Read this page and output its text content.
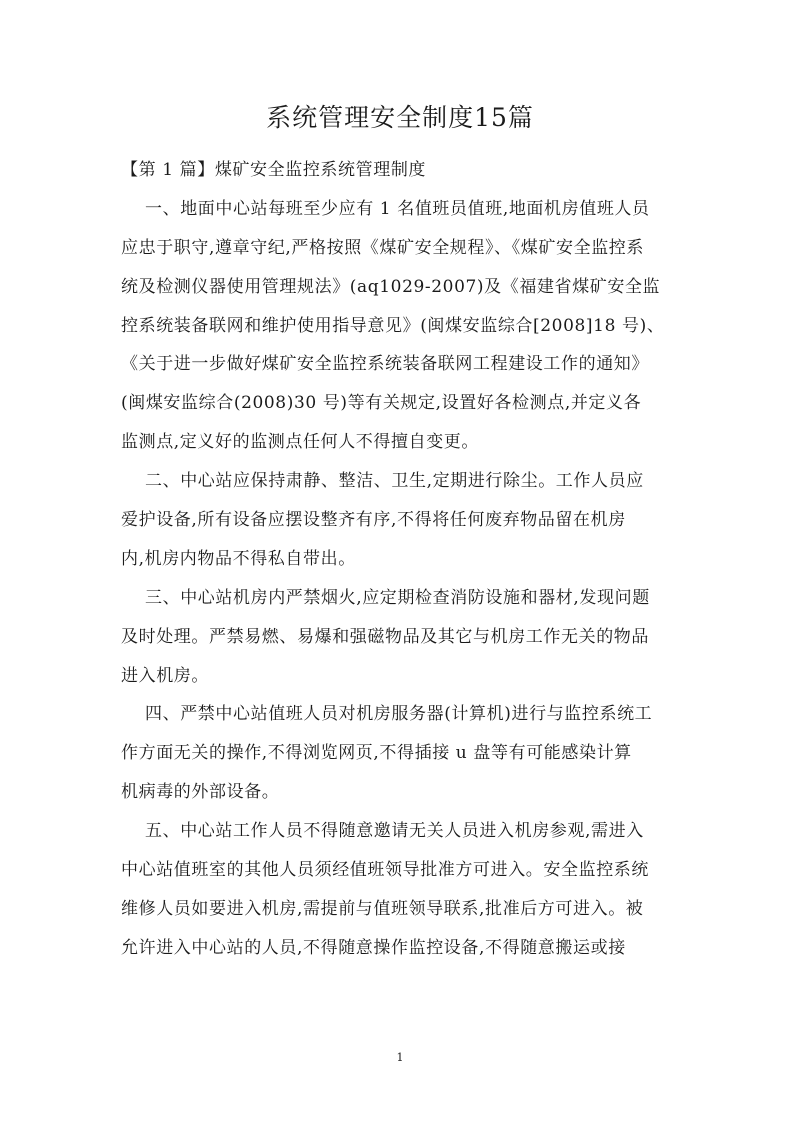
系统管理安全制度15篇
【第 1 篇】煤矿安全监控系统管理制度
一、地面中心站每班至少应有 1 名值班员值班,地面机房值班人员
应忠于职守,遵章守纪,严格按照《煤矿安全规程》、《煤矿安全监控系
统及检测仪器使用管理规法》(aq1029-2007)及《福建省煤矿安全监
控系统装备联网和维护使用指导意见》(闽煤安监综合[2008]18 号)、
《关于进一步做好煤矿安全监控系统装备联网工程建设工作的通知》
(闽煤安监综合(2008)30 号)等有关规定,设置好各检测点,并定义各
监测点,定义好的监测点任何人不得擅自变更。
二、中心站应保持肃静、整洁、卫生,定期进行除尘。工作人员应
爱护设备,所有设备应摆设整齐有序,不得将任何废弃物品留在机房
内,机房内物品不得私自带出。
三、中心站机房内严禁烟火,应定期检查消防设施和器材,发现问题
及时处理。严禁易燃、易爆和强磁物品及其它与机房工作无关的物品
进入机房。
四、严禁中心站值班人员对机房服务器(计算机)进行与监控系统工
作方面无关的操作,不得浏览网页,不得插接 u 盘等有可能感染计算
机病毒的外部设备。
五、中心站工作人员不得随意邀请无关人员进入机房参观,需进入
中心站值班室的其他人员须经值班领导批准方可进入。安全监控系统
维修人员如要进入机房,需提前与值班领导联系,批准后方可进入。被
允许进入中心站的人员,不得随意操作监控设备,不得随意搬运或接
1
